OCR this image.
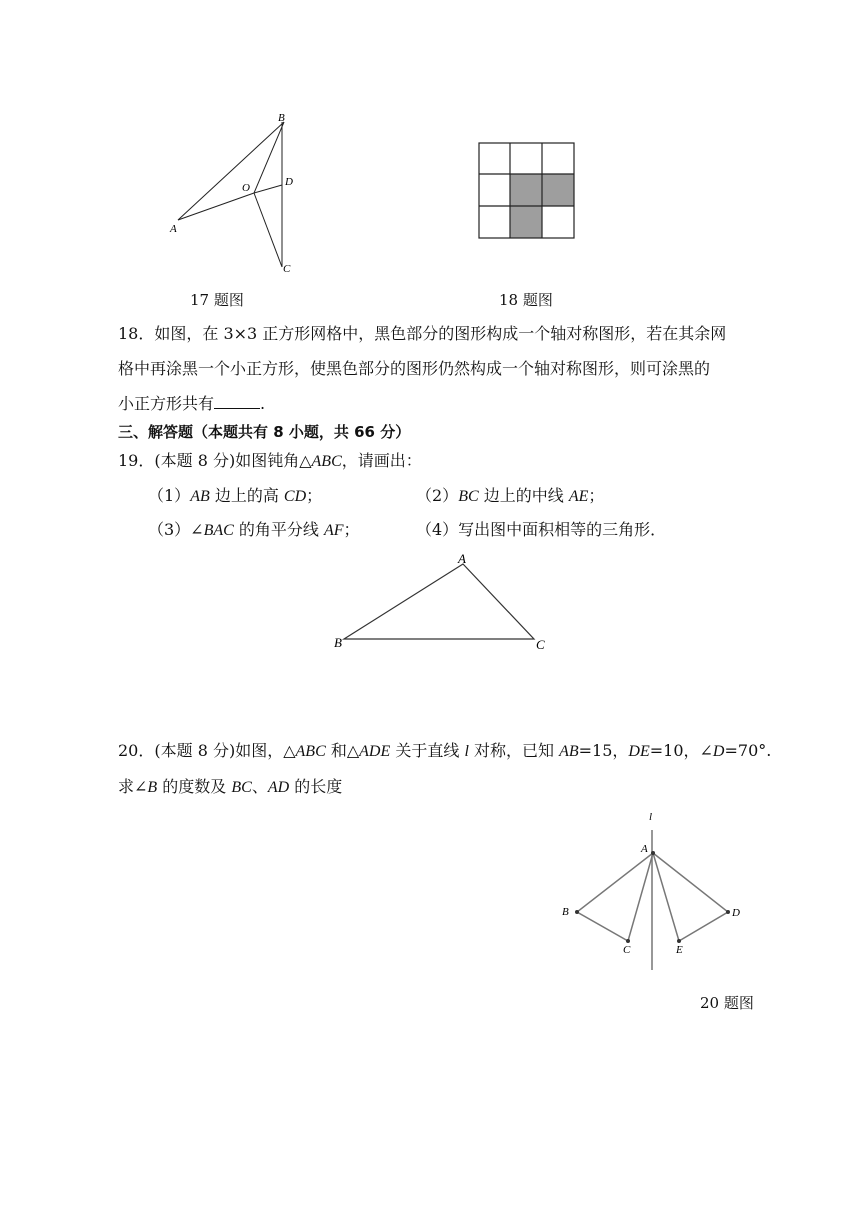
B
A
O	D
C
17 题图	18 题图
18．如图，在 3×3 正方形网格中，黑色部分的图形构成一个轴对称图形，若在其余网
格中再涂黑一个小正方形，使黑色部分的图形仍然构成一个轴对称图形，则可涂黑的
小正方形共有	.
三、解答题（本题共有 8 小题，共 66 分）
19．(本题 8 分)如图钝角△ABC，请画出：
（1）AB 边上的高 CD；	（2）BC 边上的中线 AE；
（3）∠BAC 的角平分线 AF；	（4）写出图中面积相等的三角形．
A
B	C
20．(本题 8 分)如图，△ABC 和△ADE 关于直线 l 对称，已知 AB=15，DE=10，∠D=70°.
求∠B 的度数及 BC、AD 的长度
l
A
B
C
D
E
20 题图
